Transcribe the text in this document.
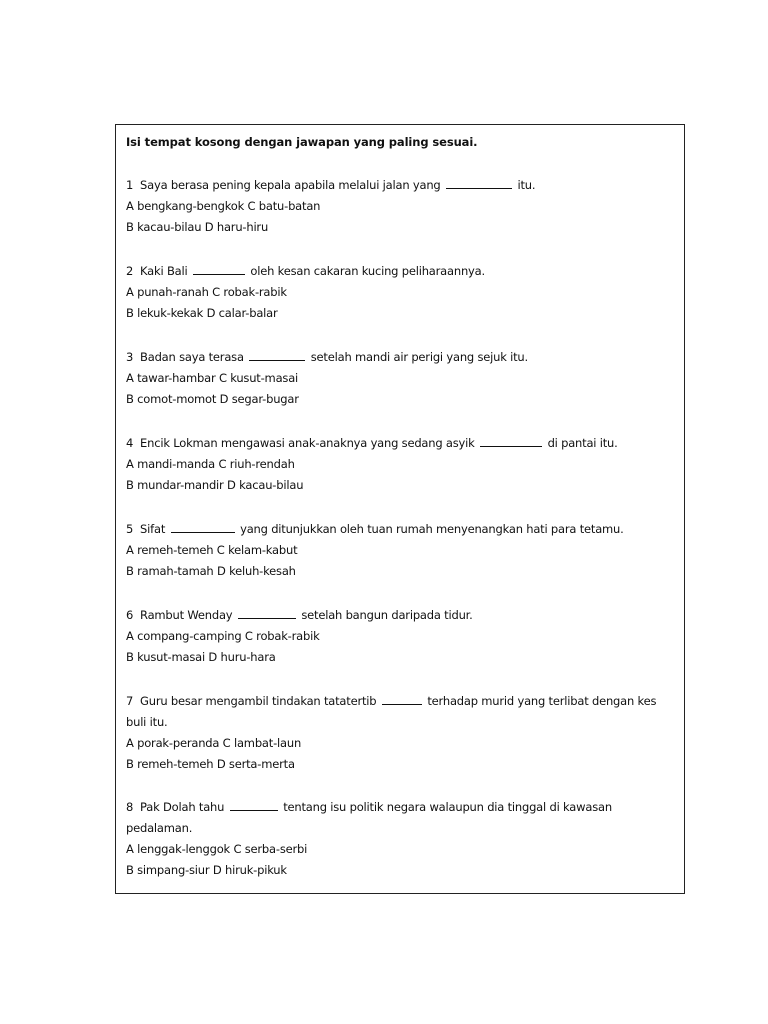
Isi tempat kosong dengan jawapan yang paling sesuai.
1 Saya berasa pening kepala apabila melalui jalan yang	itu.
A bengkang-bengkok C batu-batan
B kacau-bilau D haru-hiru
2 Kaki Bali	oleh kesan cakaran kucing peliharaannya.
A punah-ranah C robak-rabik
B lekuk-kekak D calar-balar
3 Badan saya terasa	setelah mandi air perigi yang sejuk itu.
A tawar-hambar C kusut-masai
B comot-momot D segar-bugar
4 Encik Lokman mengawasi anak-anaknya yang sedang asyik	di pantai itu.
A mandi-manda C riuh-rendah
B mundar-mandir D kacau-bilau
5 Sifat	yang ditunjukkan oleh tuan rumah menyenangkan hati para tetamu.
A remeh-temeh C kelam-kabut
B ramah-tamah D keluh-kesah
6 Rambut Wenday	setelah bangun daripada tidur.
A compang-camping C robak-rabik
B kusut-masai D huru-hara
7 Guru besar mengambil tindakan tatatertib	terhadap murid yang terlibat dengan kes buli itu.
A porak-peranda C lambat-laun
B remeh-temeh D serta-merta
8 Pak Dolah tahu	tentang isu politik negara walaupun dia tinggal di kawasan pedalaman.
A lenggak-lenggok C serba-serbi
B simpang-siur D hiruk-pikuk
